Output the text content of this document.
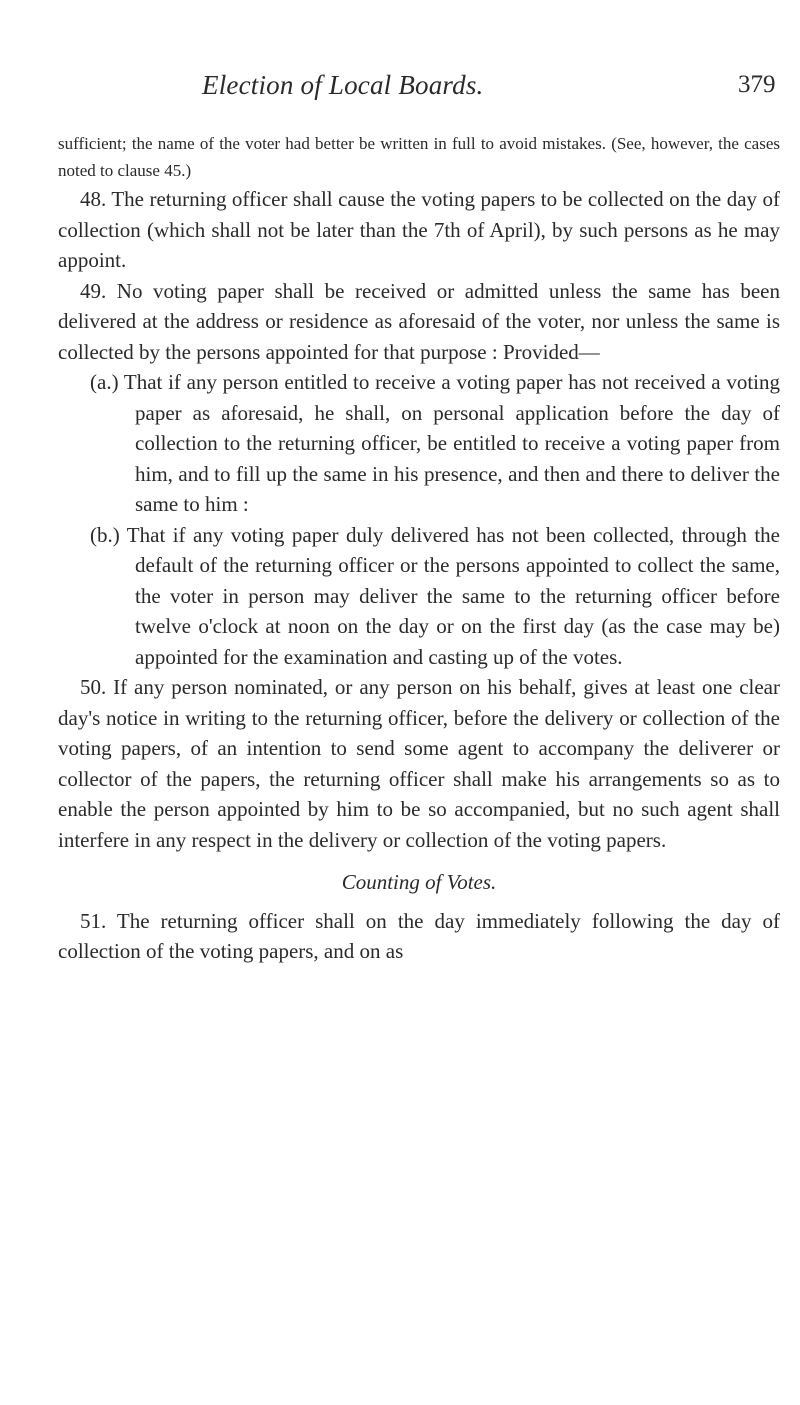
Election of Local Boards.	379

sufficient; the name of the voter had better be written in full to avoid mistakes. (See, however, the cases noted to clause 45.)

48. The returning officer shall cause the voting papers to be collected on the day of collection (which shall not be later than the 7th of April), by such persons as he may appoint.

49. No voting paper shall be received or admitted unless the same has been delivered at the address or residence as aforesaid of the voter, nor unless the same is collected by the persons appointed for that purpose : Provided—

(a.) That if any person entitled to receive a voting paper has not received a voting paper as aforesaid, he shall, on personal application before the day of collection to the returning officer, be entitled to receive a voting paper from him, and to fill up the same in his presence, and then and there to deliver the same to him :

(b.) That if any voting paper duly delivered has not been collected, through the default of the returning officer or the persons appointed to collect the same, the voter in person may deliver the same to the returning officer before twelve o'clock at noon on the day or on the first day (as the case may be) appointed for the examination and casting up of the votes.

50. If any person nominated, or any person on his behalf, gives at least one clear day's notice in writing to the returning officer, before the delivery or collection of the voting papers, of an intention to send some agent to accompany the deliverer or collector of the papers, the returning officer shall make his arrangements so as to enable the person appointed by him to be so accompanied, but no such agent shall interfere in any respect in the delivery or collection of the voting papers.

Counting of Votes.

51. The returning officer shall on the day immediately following the day of collection of the voting papers, and on as
